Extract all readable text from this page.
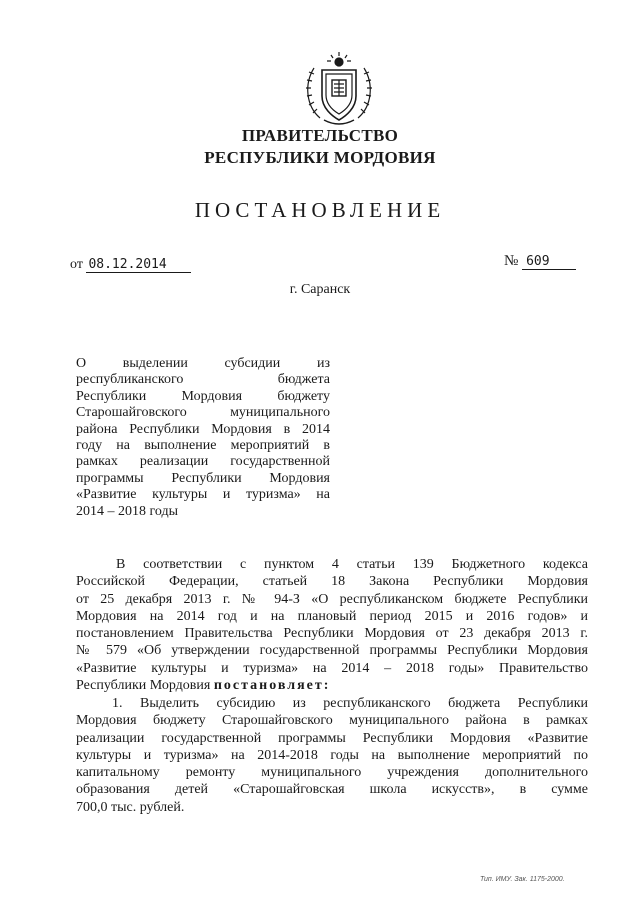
ПРАВИТЕЛЬСТВО
РЕСПУБЛИКИ МОРДОВИЯ
ПОСТАНОВЛЕНИЕ
от 08.12.2014	№ 609
г. Саранск
О выделении субсидии из
республиканского бюджета
Республики Мордовия бюджету
Старошайговского муниципального
района Республики Мордовия в 2014
году на выполнение мероприятий в
рамках реализации государственной
программы Республики Мордовия
«Развитие культуры и туризма» на
2014 – 2018 годы
В соответствии с пунктом 4 статьи 139 Бюджетного кодекса
Российской Федерации, статьей 18 Закона Республики Мордовия
от 25 декабря 2013 г. № 94-З «О республиканском бюджете Республики
Мордовия на 2014 год и на плановый период 2015 и 2016 годов» и
постановлением Правительства Республики Мордовия от 23 декабря 2013 г.
№ 579 «Об утверждении государственной программы Республики Мордовия
«Развитие культуры и туризма» на 2014 – 2018 годы» Правительство
Республики Мордовия постановляет:
1. Выделить субсидию из республиканского бюджета Республики
Мордовия бюджету Старошайговского муниципального района в рамках
реализации государственной программы Республики Мордовия «Развитие
культуры и туризма» на 2014-2018 годы на выполнение мероприятий по
капитальному ремонту муниципального учреждения дополнительного
образования детей «Старошайговская школа искусств», в сумме
700,0 тыс. рублей.
Тип. ИМУ. Зак. 1175-2000.
